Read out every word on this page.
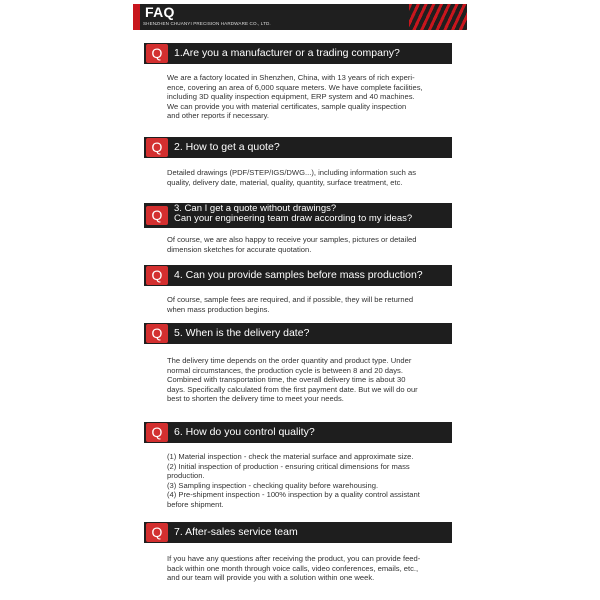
FAQ
SHENZHEN CHUANYI PRECISION HARDWARE CO., LTD.
Q	1.Are you a manufacturer or a trading company?
We are a factory located in Shenzhen, China, with 13 years of rich experi-
ence, covering an area of 6,000 square meters. We have complete facilities,
including 3D quality inspection equipment, ERP system and 40 machines.
We can provide you with material certificates, sample quality inspection
and other reports if necessary.
Q	2. How to get a quote?
Detailed drawings (PDF/STEP/IGS/DWG...), including information such as
quality, delivery date, material, quality, quantity, surface treatment, etc.
Q	3. Can I get a quote without drawings?
Can your engineering team draw according to my ideas?
Of course, we are also happy to receive your samples, pictures or detailed
dimension sketches for accurate quotation.
Q	4. Can you provide samples before mass production?
Of course, sample fees are required, and if possible, they will be returned
when mass production begins.
Q	5. When is the delivery date?
The delivery time depends on the order quantity and product type. Under
normal circumstances, the production cycle is between 8 and 20 days.
Combined with transportation time, the overall delivery time is about 30
days. Specifically calculated from the first payment date. But we will do our
best to shorten the delivery time to meet your needs.
Q	6. How do you control quality?
(1) Material inspection - check the material surface and approximate size.
(2) Initial inspection of production - ensuring critical dimensions for mass
production.
(3) Sampling inspection - checking quality before warehousing.
(4) Pre-shipment inspection - 100% inspection by a quality control assistant
before shipment.
Q	7. After-sales service team
If you have any questions after receiving the product, you can provide feed-
back within one month through voice calls, video conferences, emails, etc.,
and our team will provide you with a solution within one week.
